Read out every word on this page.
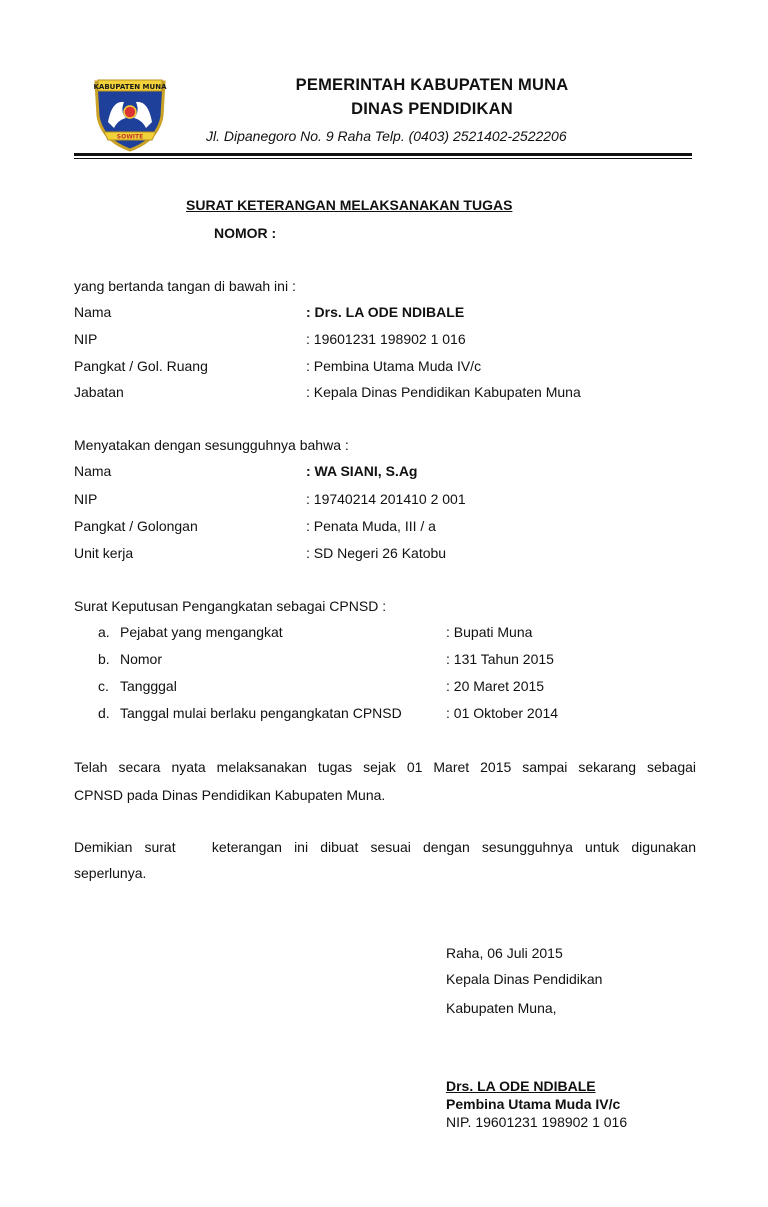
KABUPATEN MUNA
SOWITE
PEMERINTAH KABUPATEN MUNA
DINAS PENDIDIKAN
Jl. Dipanegoro No. 9 Raha Telp. (0403) 2521402-2522206
SURAT KETERANGAN MELAKSANAKAN TUGAS
NOMOR :
yang bertanda tangan di bawah ini :
Nama	: Drs. LA ODE NDIBALE
NIP	: 19601231 198902 1 016
Pangkat / Gol. Ruang	: Pembina Utama Muda IV/c
Jabatan	: Kepala Dinas Pendidikan Kabupaten Muna
Menyatakan dengan sesungguhnya bahwa :
Nama	: WA SIANI, S.Ag
NIP	: 19740214 201410 2 001
Pangkat / Golongan	: Penata Muda, III / a
Unit kerja	: SD Negeri 26 Katobu
Surat Keputusan Pengangkatan sebagai CPNSD :
a. Pejabat yang mengangkat	: Bupati Muna
b. Nomor	: 131 Tahun 2015
c. Tangggal	: 20 Maret 2015
d. Tanggal mulai berlaku pengangkatan CPNSD	: 01 Oktober 2014
Telah secara nyata melaksanakan tugas sejak 01 Maret 2015 sampai sekarang sebagai
CPNSD pada Dinas Pendidikan Kabupaten Muna.
Demikian surat   keterangan ini dibuat sesuai dengan sesungguhnya untuk digunakan
seperlunya.
Raha, 06 Juli 2015
Kepala Dinas Pendidikan
Kabupaten Muna,
Drs. LA ODE NDIBALE
Pembina Utama Muda IV/c
NIP. 19601231 198902 1 016
